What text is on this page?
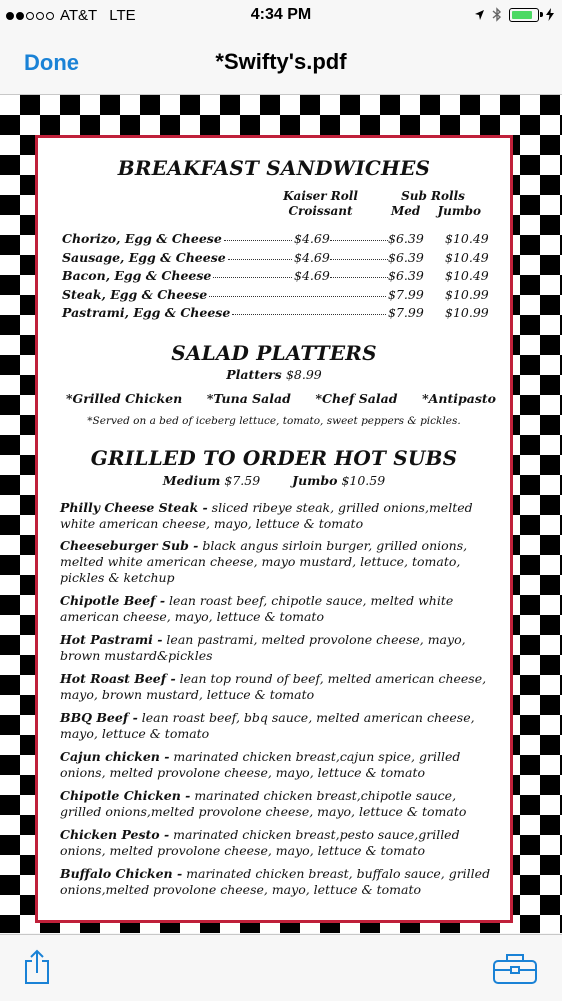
AT&T LTE	4:34 PM
Done	*Swifty's.pdf
BREAKFAST SANDWICHES
Kaiser Roll
Croissant
Sub Rolls
Med Jumbo
Chorizo, Egg & Cheese	$4.69	$6.39 $10.49
Sausage, Egg & Cheese	$4.69	$6.39 $10.49
Bacon, Egg & Cheese	$4.69	$6.39 $10.49
Steak, Egg & Cheese	$7.99 $10.99
Pastrami, Egg & Cheese	$7.99 $10.99
SALAD PLATTERS
Platters $8.99
*Grilled Chicken *Tuna Salad *Chef Salad *Antipasto
*Served on a bed of iceberg lettuce, tomato, sweet peppers & pickles.
GRILLED TO ORDER HOT SUBS
Medium $7.59	Jumbo $10.59
Philly Cheese Steak - sliced ribeye steak, grilled onions,melted white american cheese, mayo, lettuce & tomato
Cheeseburger Sub - black angus sirloin burger, grilled onions, melted white american cheese, mayo mustard, lettuce, tomato, pickles & ketchup
Chipotle Beef - lean roast beef, chipotle sauce, melted white american cheese, mayo, lettuce & tomato
Hot Pastrami - lean pastrami, melted provolone cheese, mayo, brown mustard&pickles
Hot Roast Beef - lean top round of beef, melted american cheese, mayo, brown mustard, lettuce & tomato
BBQ Beef - lean roast beef, bbq sauce, melted american cheese, mayo, lettuce & tomato
Cajun chicken - marinated chicken breast,cajun spice, grilled onions, melted provolone cheese, mayo, lettuce & tomato
Chipotle Chicken - marinated chicken breast,chipotle sauce, grilled onions,melted provolone cheese, mayo, lettuce & tomato
Chicken Pesto - marinated chicken breast,pesto sauce,grilled onions, melted provolone cheese, mayo, lettuce & tomato
Buffalo Chicken - marinated chicken breast, buffalo sauce, grilled onions,melted provolone cheese, mayo, lettuce & tomato
